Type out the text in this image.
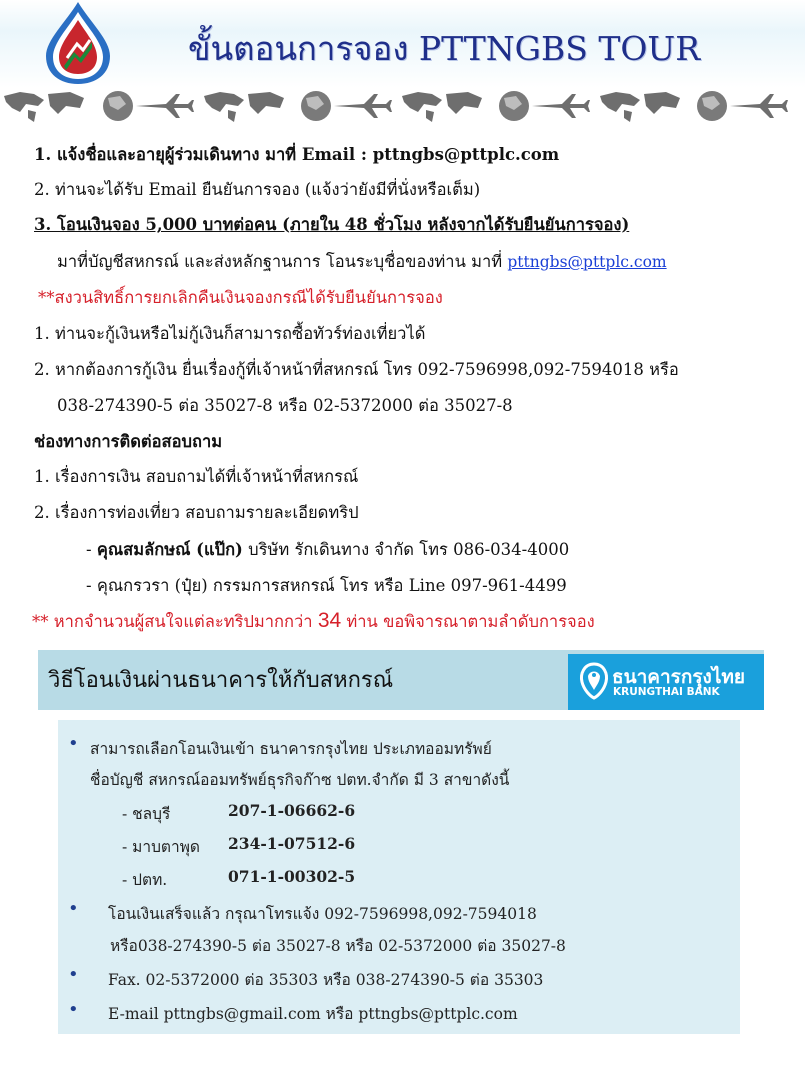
ขั้นตอนการจอง PTTNGBS TOUR
1. แจ้งชื่อและอายุผู้ร่วมเดินทาง มาที่ Email : pttngbs@pttplc.com
2. ท่านจะได้รับ Email ยืนยันการจอง (แจ้งว่ายังมีที่นั่งหรือเต็ม)
3. โอนเงินจอง 5,000 บาทต่อคน (ภายใน 48 ชั่วโมง หลังจากได้รับยืนยันการจอง)
มาที่บัญชีสหกรณ์ และส่งหลักฐานการ โอนระบุชื่อของท่าน มาที่ pttngbs@pttplc.com
**สงวนสิทธิ์การยกเลิกคืนเงินจองกรณีได้รับยืนยันการจอง
1. ท่านจะกู้เงินหรือไม่กู้เงินก็สามารถซื้อทัวร์ท่องเที่ยวได้
2. หากต้องการกู้เงิน ยื่นเรื่องกู้ที่เจ้าหน้าที่สหกรณ์ โทร 092-7596998,092-7594018 หรือ
038-274390-5 ต่อ 35027-8 หรือ 02-5372000 ต่อ 35027-8
ช่องทางการติดต่อสอบถาม
1. เรื่องการเงิน สอบถามได้ที่เจ้าหน้าที่สหกรณ์
2. เรื่องการท่องเที่ยว สอบถามรายละเอียดทริป
- คุณสมลักษณ์ (แป๊ก) บริษัท รักเดินทาง จำกัด โทร 086-034-4000
- คุณกรวรา (ปุ๋ย) กรรมการสหกรณ์ โทร หรือ Line 097-961-4499
** หากจำนวนผู้สนใจแต่ละทริปมากกว่า 34 ท่าน ขอพิจารณาตามลำดับการจอง
วิธีโอนเงินผ่านธนาคารให้กับสหกรณ์	ธนาคารกรุงไทย
KRUNGTHAI BANK
• สามารถเลือกโอนเงินเข้า ธนาคารกรุงไทย ประเภทออมทรัพย์
ชื่อบัญชี สหกรณ์ออมทรัพย์ธุรกิจก๊าซ ปตท.จำกัด มี 3 สาขาดังนี้
- ชลบุรี	207-1-06662-6
- มาบตาพุด 234-1-07512-6
- ปตท.	071-1-00302-5
• โอนเงินเสร็จแล้ว กรุณาโทรแจ้ง 092-7596998,092-7594018
หรือ038-274390-5 ต่อ 35027-8 หรือ 02-5372000 ต่อ 35027-8
• Fax. 02-5372000 ต่อ 35303 หรือ 038-274390-5 ต่อ 35303
• E-mail pttngbs@gmail.com หรือ pttngbs@pttplc.com
